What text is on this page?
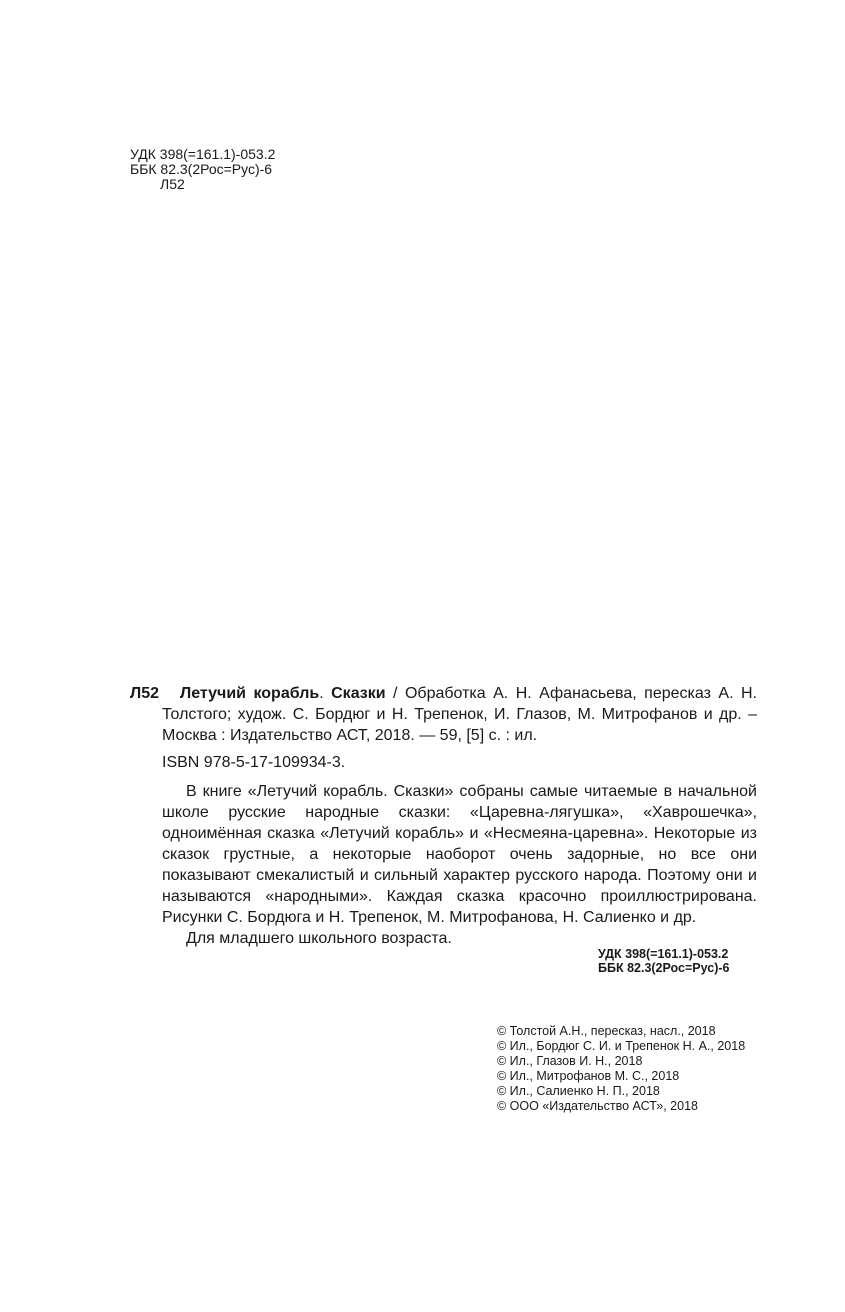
УДК 398(=161.1)-053.2
ББК 82.3(2Рос=Рус)-6
Л52
Л52 Летучий корабль. Сказки / Обработка А. Н. Афанасьева, пересказ А. Н. Толстого; худож. С. Бордюг и Н. Трепенок, И. Глазов, М. Митрофанов и др. – Москва : Издательство АСТ, 2018. — 59, [5] с. : ил.
ISBN 978-5-17-109934-3.
В книге «Летучий корабль. Сказки» собраны самые читаемые в начальной школе русские народные сказки: «Царевна-лягушка», «Хаврошечка», одноимённая сказка «Летучий корабль» и «Несмеяна-царевна». Некоторые из сказок грустные, а некоторые наоборот очень задорные, но все они показывают смекалистый и сильный характер русского народа. Поэтому они и называются «народными». Каждая сказка красочно проиллюстрирована. Рисунки С. Бордюга и Н. Трепенок, М. Митрофанова, Н. Салиенко и др.
Для младшего школьного возраста.
УДК 398(=161.1)-053.2
ББК 82.3(2Рос=Рус)-6
© Толстой А.Н., пересказ, насл., 2018
© Ил., Бордюг С. И. и Трепенок Н. А., 2018
© Ил., Глазов И. Н., 2018
© Ил., Митрофанов М. С., 2018
© Ил., Салиенко Н. П., 2018
© ООО «Издательство АСТ», 2018
